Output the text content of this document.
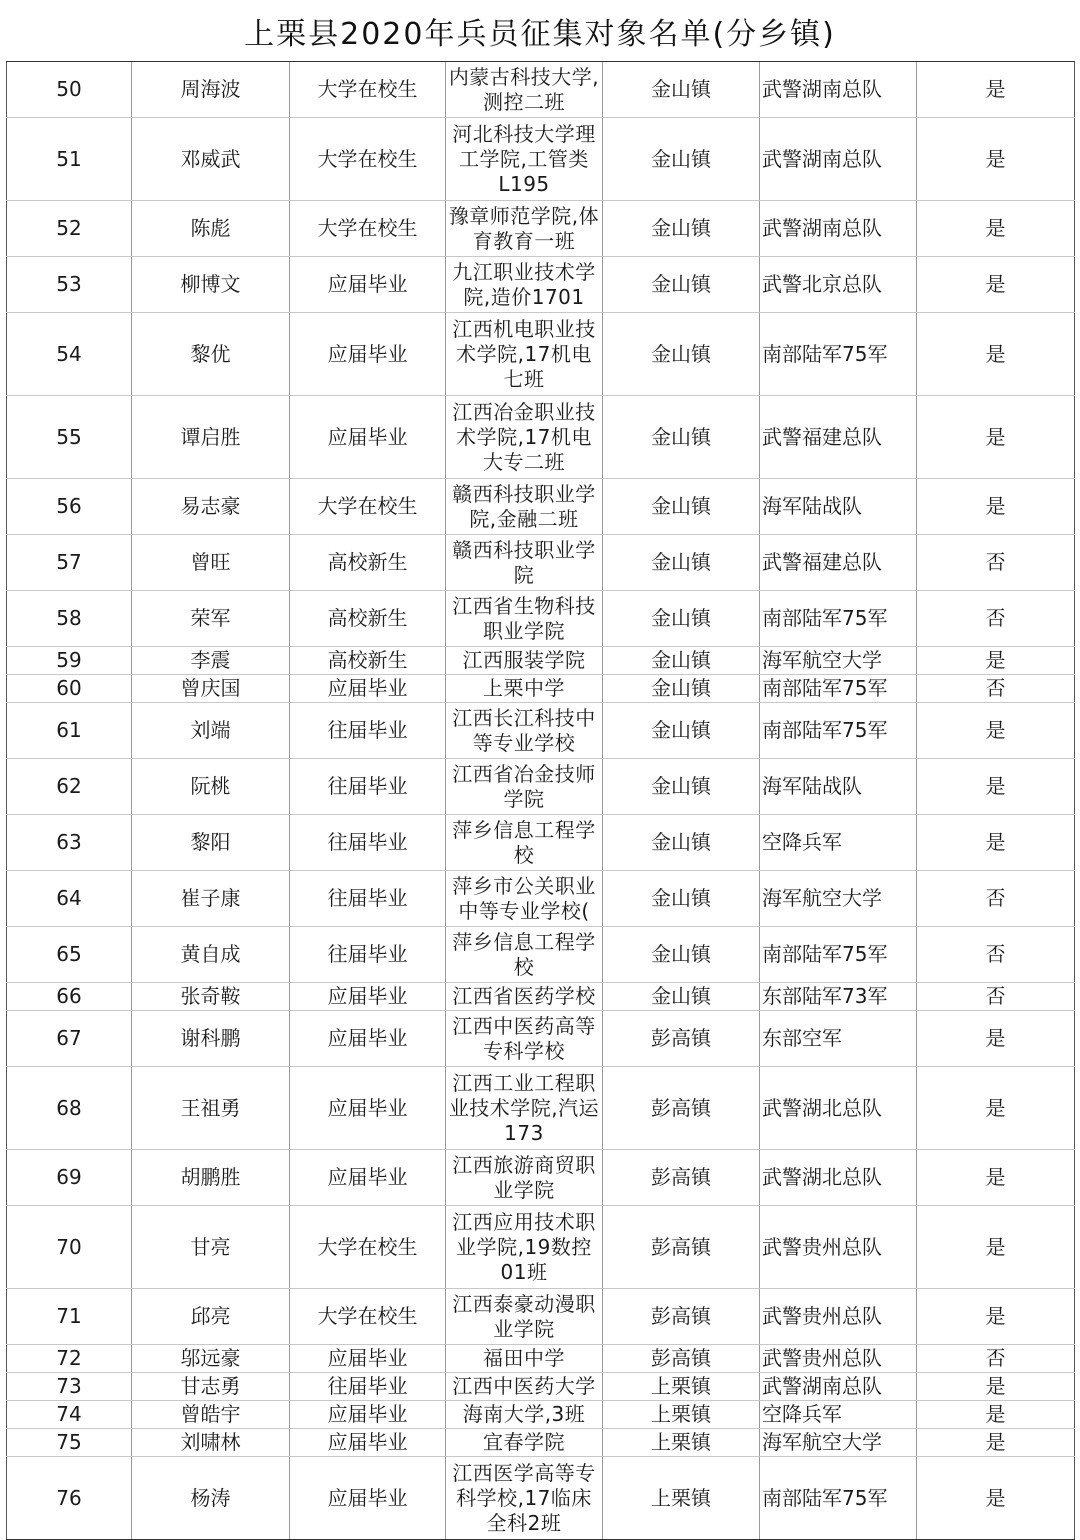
上栗县2020年兵员征集对象名单(分乡镇)
50	周海波	大学在校生	内蒙古科技大学,测控二班	金山镇	武警湖南总队	是
51	邓威武	大学在校生	河北科技大学理工学院,工管类L195	金山镇	武警湖南总队	是
52	陈彪	大学在校生	豫章师范学院,体育教育一班	金山镇	武警湖南总队	是
53	柳博文	应届毕业	九江职业技术学院,造价1701	金山镇	武警北京总队	是
54	黎优	应届毕业	江西机电职业技术学院,17机电七班	金山镇	南部陆军75军	是
55	谭启胜	应届毕业	江西冶金职业技术学院,17机电大专二班	金山镇	武警福建总队	是
56	易志豪	大学在校生	赣西科技职业学院,金融二班	金山镇	海军陆战队	是
57	曾旺	高校新生	赣西科技职业学院	金山镇	武警福建总队	否
58	荣军	高校新生	江西省生物科技职业学院	金山镇	南部陆军75军	否
59	李震	高校新生	江西服装学院	金山镇	海军航空大学	是
60	曾庆国	应届毕业	上栗中学	金山镇	南部陆军75军	否
61	刘端	往届毕业	江西长江科技中等专业学校	金山镇	南部陆军75军	是
62	阮桃	往届毕业	江西省冶金技师学院	金山镇	海军陆战队	是
63	黎阳	往届毕业	萍乡信息工程学校	金山镇	空降兵军	是
64	崔子康	往届毕业	萍乡市公关职业中等专业学校(	金山镇	海军航空大学	否
65	黄自成	往届毕业	萍乡信息工程学校	金山镇	南部陆军75军	否
66	张奇鞍	应届毕业	江西省医药学校	金山镇	东部陆军73军	否
67	谢科鹏	应届毕业	江西中医药高等专科学校	彭高镇	东部空军	是
68	王祖勇	应届毕业	江西工业工程职业技术学院,汽运173	彭高镇	武警湖北总队	是
69	胡鹏胜	应届毕业	江西旅游商贸职业学院	彭高镇	武警湖北总队	是
70	甘亮	大学在校生	江西应用技术职业学院,19数控01班	彭高镇	武警贵州总队	是
71	邱亮	大学在校生	江西泰豪动漫职业学院	彭高镇	武警贵州总队	是
72	邬远豪	应届毕业	福田中学	彭高镇	武警贵州总队	否
73	甘志勇	往届毕业	江西中医药大学	上栗镇	武警湖南总队	是
74	曾皓宇	应届毕业	海南大学,3班	上栗镇	空降兵军	是
75	刘啸林	应届毕业	宜春学院	上栗镇	海军航空大学	是
76	杨涛	应届毕业	江西医学高等专科学校,17临床全科2班	上栗镇	南部陆军75军	是
